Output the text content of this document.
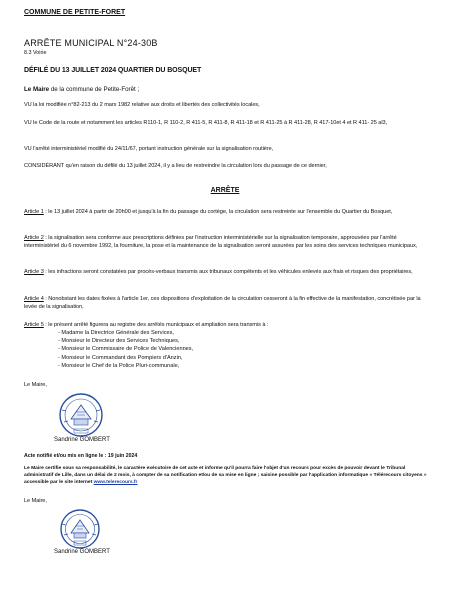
COMMUNE DE PETITE-FORET
ARRÊTE MUNICIPAL N°24-30B
8.3 Voirie
DÉFILÉ DU 13 JUILLET 2024 QUARTIER DU BOSQUET
Le Maire de la commune de Petite-Forêt ;
VU la loi modifiée n°82-213 du 2 mars 1982 relative aux droits et libertés des collectivités locales,
VU le Code de la route et notamment les articles R110-1, R 110-2, R 411-5, R 411-8, R 411-18 et R 411-25 à R 411-28, R 417-10et 4 et R 411- 25 al3,
VU l'arrêté interministériel modifié du 24/11/67, portant instruction générale sur la signalisation routière,
CONSIDÉRANT qu'en raison du défilé du 13 juillet 2024, il y a lieu de restreindre la circulation lors du passage de ce dernier,
ARRÊTE
Article 1 : le 13 juillet 2024 à partir de 20h00 et jusqu'à la fin du passage du cortège, la circulation sera restreinte sur l'ensemble du Quartier du Bosquet,
Article 2 : la signalisation sera conforme aux prescriptions définies par l'instruction interministérielle sur la signalisation temporaire, approuvées par l'arrêté interministériel du 6 novembre 1992, la fourniture, la pose et la maintenance de la signalisation seront assurées par les soins des services techniques municipaux,
Article 3 : les infractions seront constatées par procès-verbaux transmis aux tribunaux compétents et les véhicules enlevés aux frais et risques des propriétaires,
Article 4 : Nonobstant les dates fixées à l'article 1er, ces dispositions d'exploitation de la circulation cesseront à la fin effective de la manifestation, concrétisée par la levée de la signalisation,
Article 5 : le présent arrêté figurera au registre des arrêtés municipaux et ampliation sera transmis à :
- Madame la Directrice Générale des Services,
- Monsieur le Directeur des Services Techniques,
- Monsieur le Commissaire de Police de Valenciennes,
- Monsieur le Commandant des Pompiers d'Anzin,
- Monsieur le Chef de la Police Pluri-communale,
Le Maire,
Sandrine GOMBERT
Acte notifié et/ou mis en ligne le : 19 juin 2024
Le Maire certifie sous sa responsabilité, le caractère exécutoire de cet acte et informe qu'il pourra faire l'objet d'un recours pour excès de pouvoir devant le Tribunal administratif de Lille, dans un délai de 2 mois, à compter de sa notification et/ou de sa mise en ligne ; saisine possible par l'application informatique « Télérecours citoyens » accessible par le site internet www.telerecours.fr
Le Maire,
Sandrine GOMBERT
